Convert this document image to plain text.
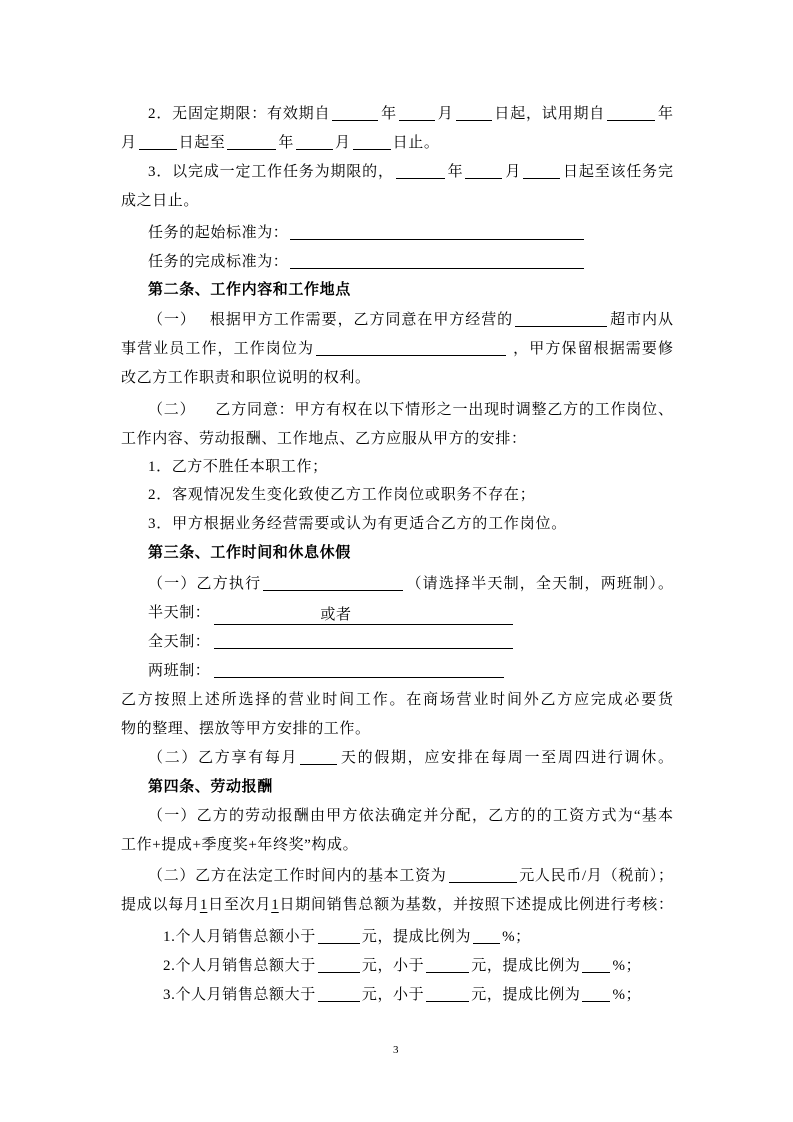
2．无固定期限：有效期自	年	月	日起，试用期自	年
月	日起至	年	月	日止。
3．以完成一定工作任务为期限的，	年	月	日起至该任务完
成之日止。
任务的起始标准为：
任务的完成标准为：
第二条、工作内容和工作地点
（一） 根据甲方工作需要，乙方同意在甲方经营的	超市内从
事营业员工作，工作岗位为	，甲方保留根据需要修
改乙方工作职责和职位说明的权利。
（二） 乙方同意：甲方有权在以下情形之一出现时调整乙方的工作岗位、
工作内容、劳动报酬、工作地点、乙方应服从甲方的安排：
1．乙方不胜任本职工作；
2．客观情况发生变化致使乙方工作岗位或职务不存在；
3．甲方根据业务经营需要或认为有更适合乙方的工作岗位。
第三条、工作时间和休息休假
（一）乙方执行	（请选择半天制，全天制，两班制）。
半天制：	或者
全天制：
两班制：
乙方按照上述所选择的营业时间工作。在商场营业时间外乙方应完成必要货
物的整理、摆放等甲方安排的工作。
（二）乙方享有每月	天的假期，应安排在每周一至周四进行调休。
第四条、劳动报酬
（一）乙方的劳动报酬由甲方依法确定并分配，乙方的的工资方式为“基本
工作+提成+季度奖+年终奖”构成。
（二）乙方在法定工作时间内的基本工资为	元人民币/月（税前）；
提成以每月1日至次月1日期间销售总额为基数，并按照下述提成比例进行考核：
1.个人月销售总额小于	元，提成比例为 %；
2.个人月销售总额大于	元，小于	元，提成比例为 %；
3.个人月销售总额大于	元，小于	元，提成比例为 %；
3
